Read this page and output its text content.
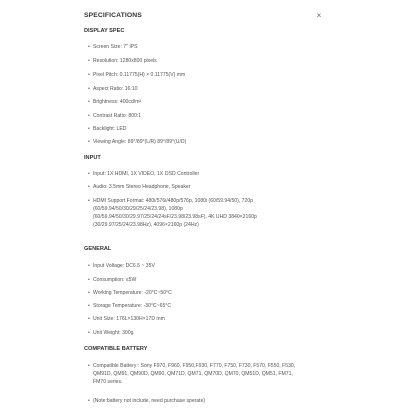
SPECIFICATIONS	×
DISPLAY SPEC
• Screen Size: 7" IPS
• Resolution: 1280x800 pixels
• Pixel Pitch: 0.11775(H) × 0.11775(V) mm
• Aspect Ratio: 16:10
• Brightness: 400cd/m²
• Contrast Ratio: 800:1
• Backlight: LED
• Viewing Angle: 89°/89°(L/R) 89°/89°(U/D)
INPUT
• Input: 1X HDMI, 1X VIDEO, 1X OSD Controller
• Audio: 3.5mm Stereo Headphone, Speaker
• HDMI Support Format: 480i/576i/480p/576p, 1080i (60/59.94/50), 720p
(60/59.94/50/30/29/25/24/23.98), 1080p
(60/59.94/50/30/29.97/25/24/24sF/23.98/23.98sF), 4K UHD 3840×2160p
(30/29.97/25/24/23.98Hz), 4096×2160p (24Hz)
GENERAL
• Input Voltage: DC6.5 ~ 35V
• Consumption: ≤5W
• Working Temperature: -20°C~50°C
• Storage Temperature: -30°C~65°C
• Unit Size: 176L×130H×17D mm
• Unit Weight: 300g
COMPATIBLE BATTERY
• Compatible Battery:: Sony F970, F960, F950,F930, F770, F750, F730, F570, F550, F530,
QM91D, QM91, QM90D, QM90, QM71D, QM71, QM70D, QM70, QM51D, QM51, FM71,
FM70 series.
• (Note:battery not include, need purchase sperate)
